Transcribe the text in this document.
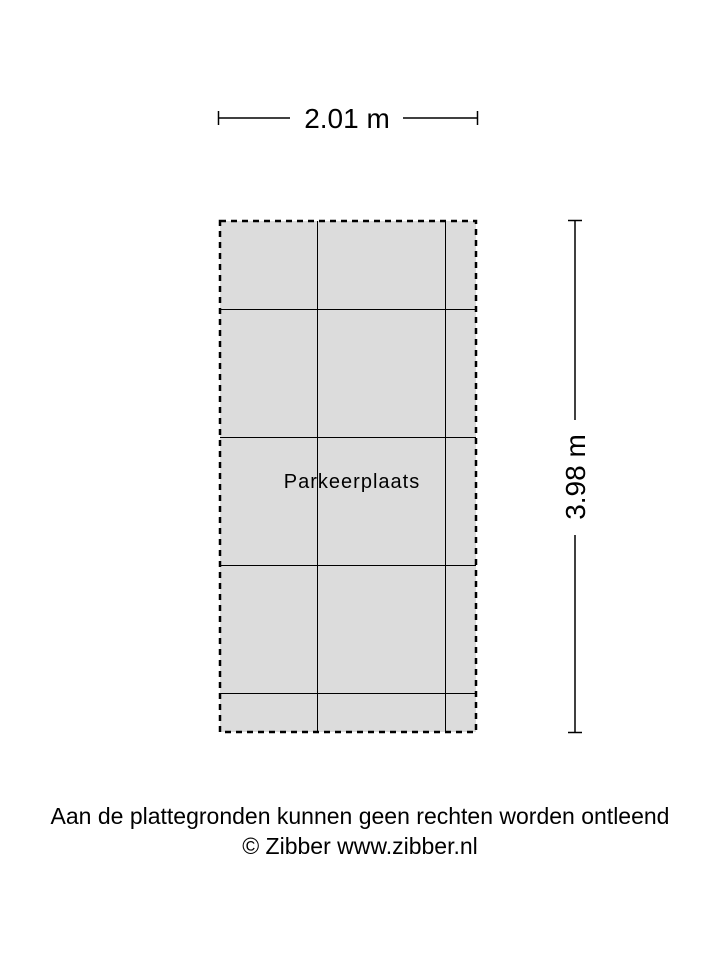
Parkeerplaats
2.01 m
3.98 m
Aan de plattegronden kunnen geen rechten worden ontleend
© Zibber www.zibber.nl
